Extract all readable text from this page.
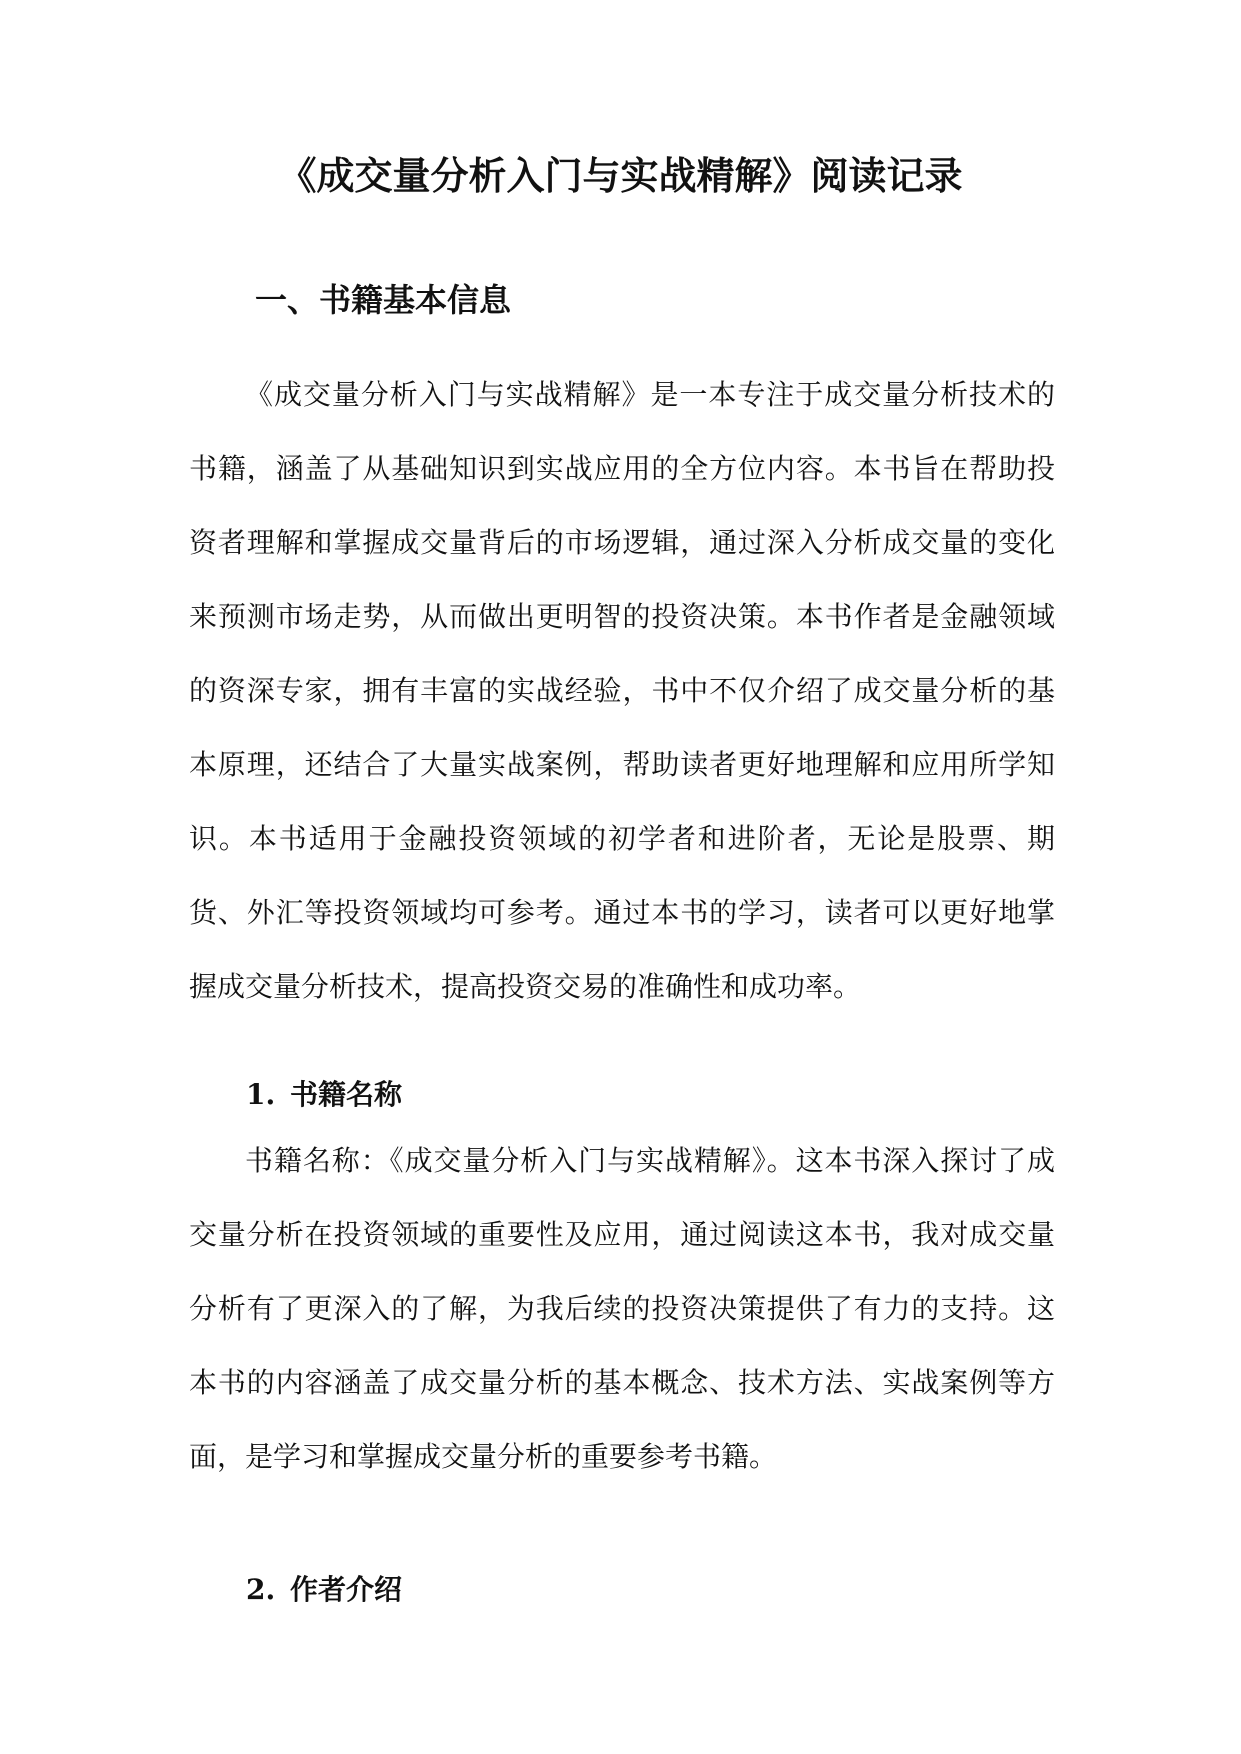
《成交量分析入门与实战精解》阅读记录
一、书籍基本信息

《成交量分析入门与实战精解》是一本专注于成交量分析技术的书籍，涵盖了从基础知识到实战应用的全方位内容。本书旨在帮助投资者理解和掌握成交量背后的市场逻辑，通过深入分析成交量的变化来预测市场走势，从而做出更明智的投资决策。本书作者是金融领域的资深专家，拥有丰富的实战经验，书中不仅介绍了成交量分析的基本原理，还结合了大量实战案例，帮助读者更好地理解和应用所学知识。本书适用于金融投资领域的初学者和进阶者，无论是股票、期货、外汇等投资领域均可参考。通过本书的学习，读者可以更好地掌握成交量分析技术，提高投资交易的准确性和成功率。

1. 书籍名称

书籍名称：《成交量分析入门与实战精解》。这本书深入探讨了成交量分析在投资领域的重要性及应用，通过阅读这本书，我对成交量分析有了更深入的了解，为我后续的投资决策提供了有力的支持。这本书的内容涵盖了成交量分析的基本概念、技术方法、实战案例等方面，是学习和掌握成交量分析的重要参考书籍。

2. 作者介绍
